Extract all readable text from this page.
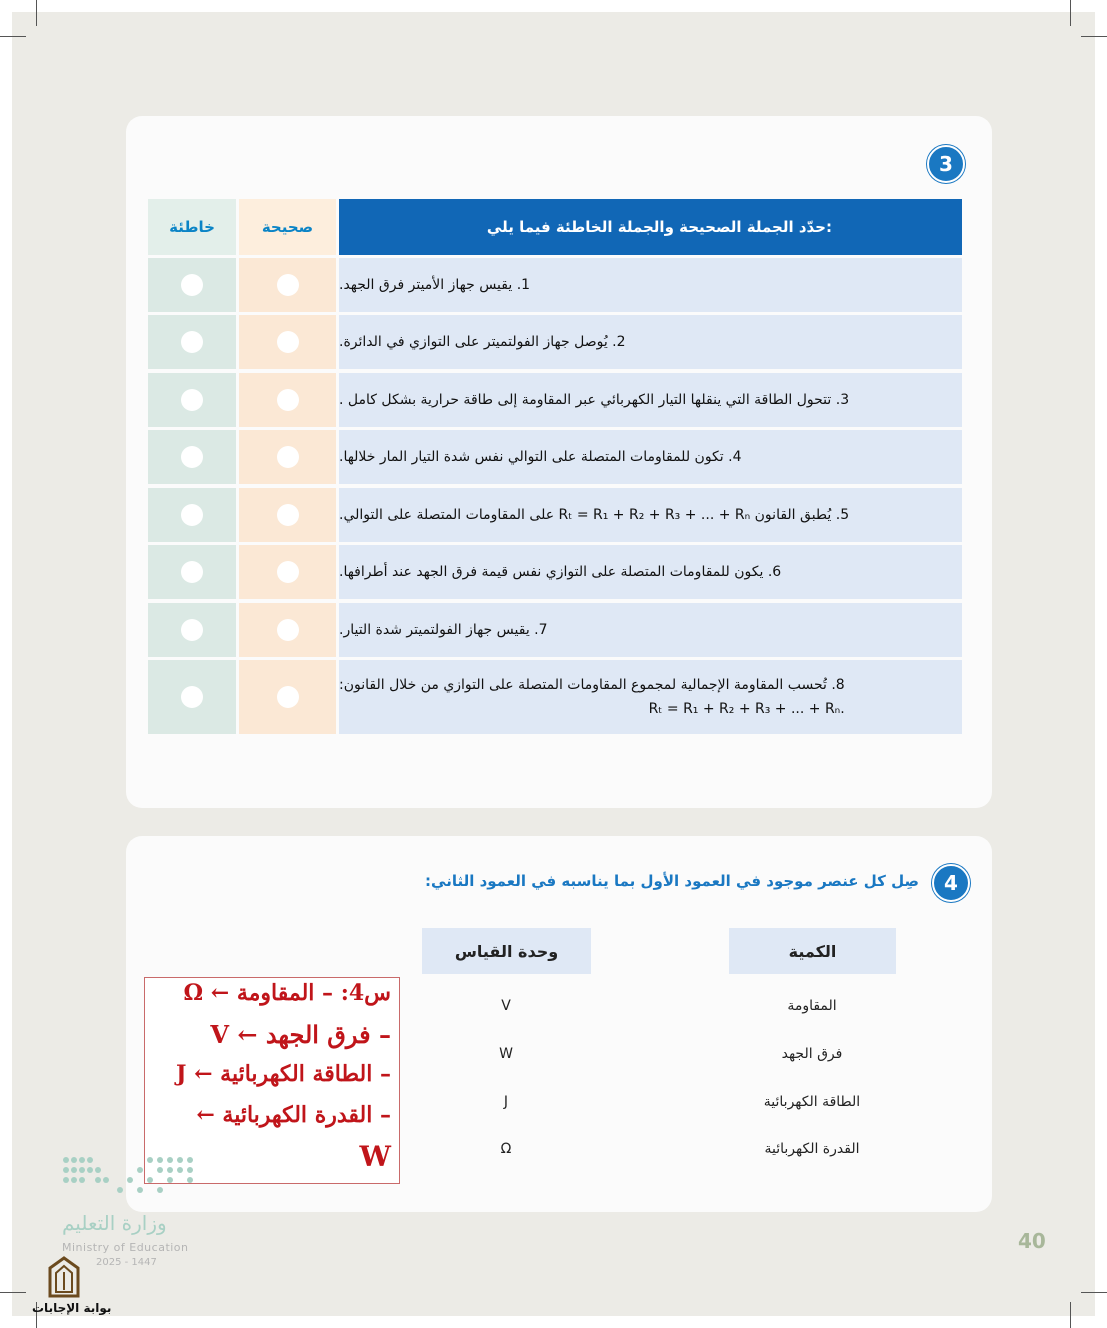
3
حدّد الجملة الصحيحة والجملة الخاطئة فيما يلي:
صحيحة
خاطئة
1. يقيس جهاز الأميتر فرق الجهد.
2. يُوصل جهاز الفولتميتر على التوازي في الدائرة.
3. تتحول الطاقة التي ينقلها التيار الكهربائي عبر المقاومة إلى طاقة حرارية بشكل كامل .
4. تكون للمقاومات المتصلة على التوالي نفس شدة التيار المار خلالها.
5. يُطبق القانون Rₜ = R₁ + R₂ + R₃ + ... + Rₙ على المقاومات المتصلة على التوالي.
6. يكون للمقاومات المتصلة على التوازي نفس قيمة فرق الجهد عند أطرافها.
7. يقيس جهاز الفولتميتر شدة التيار.
8. تُحسب المقاومة الإجمالية لمجموع المقاومات المتصلة على التوازي من خلال القانون:
Rₜ = R₁ + R₂ + R₃ + ... + Rₙ.
4
صِل كل عنصر موجود في العمود الأول بما يناسبه في العمود الثاني:
الكمية
وحدة القياس
المقاومة
فرق الجهد
الطاقة الكهربائية
القدرة الكهربائية
V
W
J
Ω
س4: – المقاومة ← Ω
– فرق الجهد ← V
– الطاقة الكهربائية ← J
– القدرة الكهربائية ←
W
وزارة التعليم
Ministry of Education
2025 - 1447
بوابة الإجابات
40
